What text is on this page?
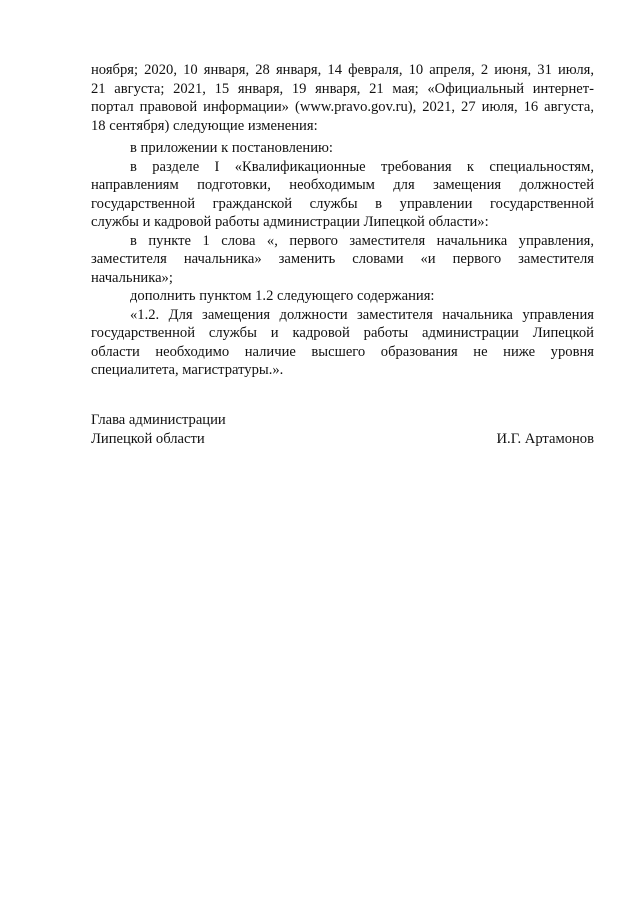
ноября; 2020, 10 января, 28 января, 14 февраля, 10 апреля, 2 июня, 31 июля,
21 августа; 2021, 15 января, 19 января, 21 мая; «Официальный интернет-
портал правовой информации» (www.pravo.gov.ru), 2021, 27 июля, 16 августа,
18 сентября) следующие изменения:
в приложении к постановлению:
в разделе I «Квалификационные требования к специальностям,
направлениям подготовки, необходимым для замещения должностей
государственной гражданской службы в управлении государственной
службы и кадровой работы администрации Липецкой области»:
в пункте 1 слова «, первого заместителя начальника управления,
заместителя начальника» заменить словами «и первого заместителя
начальника»;
дополнить пунктом 1.2 следующего содержания:
«1.2. Для замещения должности заместителя начальника управления
государственной службы и кадровой работы администрации Липецкой
области необходимо наличие высшего образования не ниже уровня
специалитета, магистратуры.».
Глава администрации
Липецкой области	И.Г. Артамонов
